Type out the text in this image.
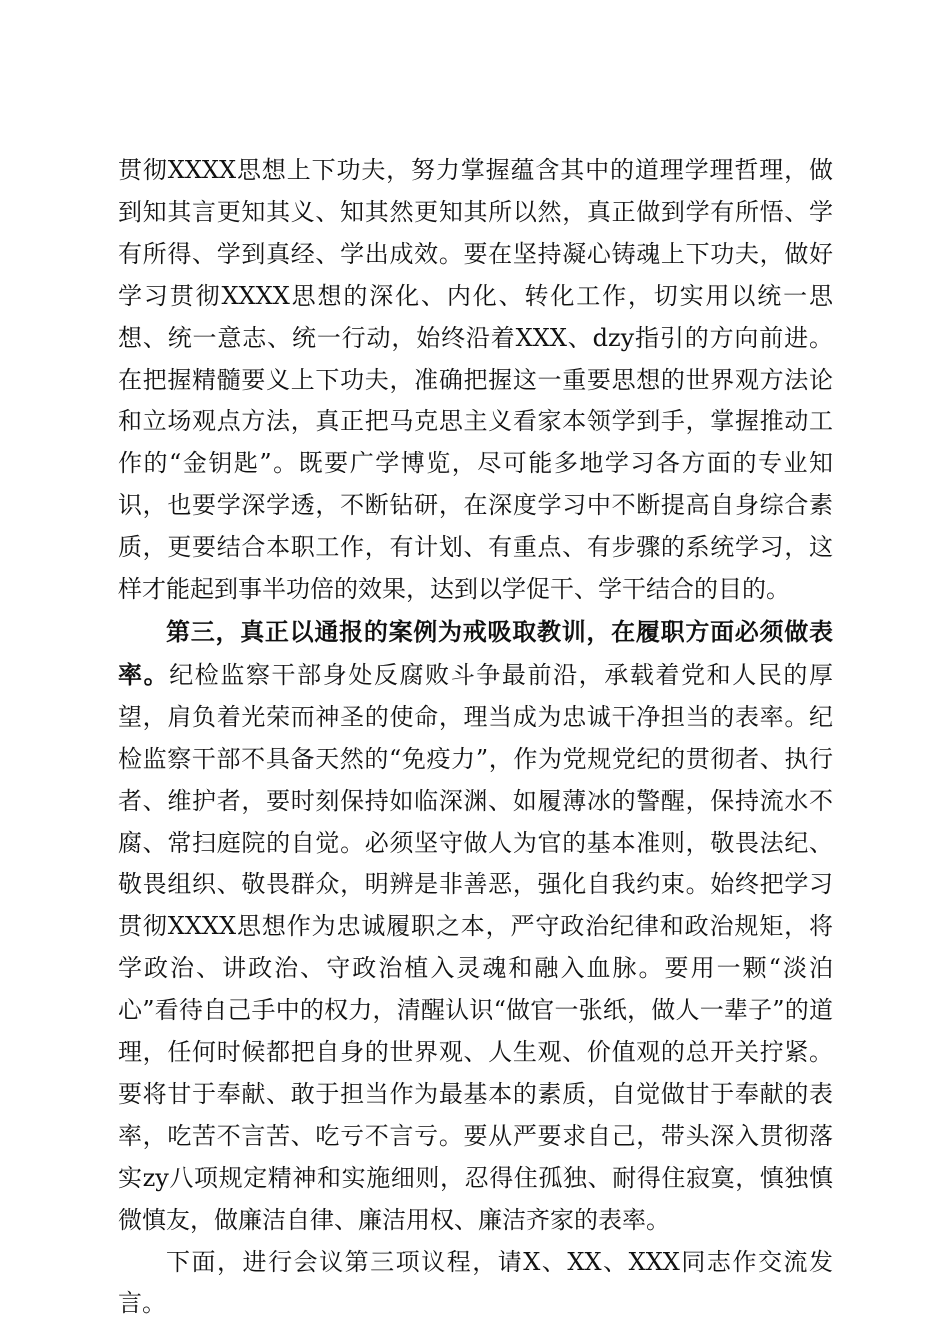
贯彻XXXX思想上下功夫，努力掌握蕴含其中的道理学理哲理，做到知其言更知其义、知其然更知其所以然，真正做到学有所悟、学有所得、学到真经、学出成效。要在坚持凝心铸魂上下功夫，做好学习贯彻XXXX思想的深化、内化、转化工作，切实用以统一思想、统一意志、统一行动，始终沿着XXX、dzy指引的方向前进。在把握精髓要义上下功夫，准确把握这一重要思想的世界观方法论和立场观点方法，真正把马克思主义看家本领学到手，掌握推动工作的“金钥匙”。既要广学博览，尽可能多地学习各方面的专业知识，也要学深学透，不断钻研，在深度学习中不断提高自身综合素质，更要结合本职工作，有计划、有重点、有步骤的系统学习，这样才能起到事半功倍的效果，达到以学促干、学干结合的目的。

第三，真正以通报的案例为戒吸取教训，在履职方面必须做表率。纪检监察干部身处反腐败斗争最前沿，承载着党和人民的厚望，肩负着光荣而神圣的使命，理当成为忠诚干净担当的表率。纪检监察干部不具备天然的“免疫力”，作为党规党纪的贯彻者、执行者、维护者，要时刻保持如临深渊、如履薄冰的警醒，保持流水不腐、常扫庭院的自觉。必须坚守做人为官的基本准则，敬畏法纪、敬畏组织、敬畏群众，明辨是非善恶，强化自我约束。始终把学习贯彻XXXX思想作为忠诚履职之本，严守政治纪律和政治规矩，将学政治、讲政治、守政治植入灵魂和融入血脉。要用一颗“淡泊心”看待自己手中的权力，清醒认识“做官一张纸，做人一辈子”的道理，任何时候都把自身的世界观、人生观、价值观的总开关拧紧。要将甘于奉献、敢于担当作为最基本的素质，自觉做甘于奉献的表率，吃苦不言苦、吃亏不言亏。要从严要求自己，带头深入贯彻落实zy八项规定精神和实施细则，忍得住孤独、耐得住寂寞，慎独慎微慎友，做廉洁自律、廉洁用权、廉洁齐家的表率。

下面，进行会议第三项议程，请X、XX、XXX同志作交流发言。
